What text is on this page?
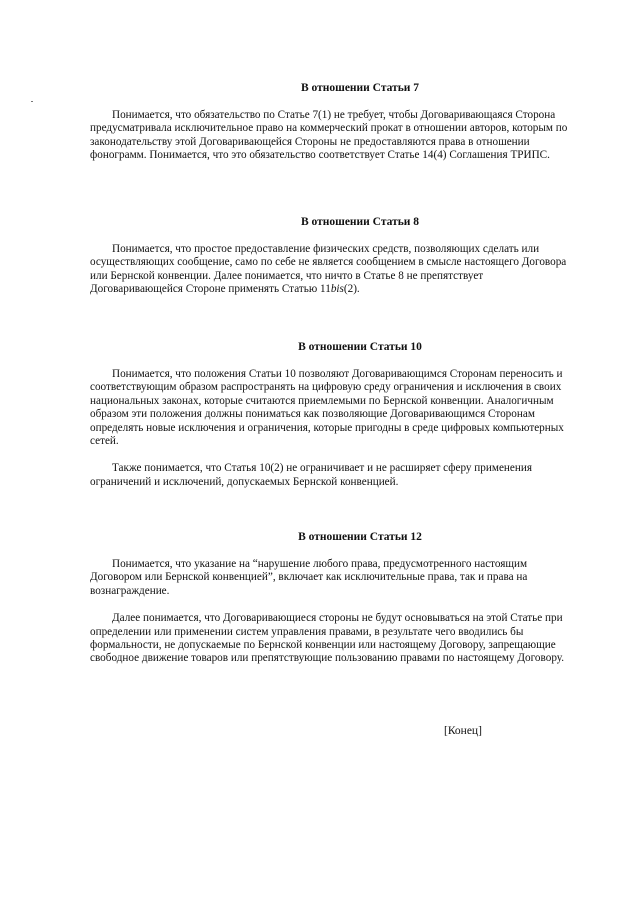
В отношении Статьи 7

Понимается, что обязательство по Статье 7(1) не требует, чтобы Договаривающаяся Сторона предусматривала исключительное право на коммерческий прокат в отношении авторов, которым по законодательству этой Договаривающейся Стороны не предоставляются права в отношении фонограмм. Понимается, что это обязательство соответствует Статье 14(4) Соглашения ТРИПС.

В отношении Статьи 8

Понимается, что простое предоставление физических средств, позволяющих сделать или осуществляющих сообщение, само по себе не является сообщением в смысле настоящего Договора или Бернской конвенции. Далее понимается, что ничто в Статье 8 не препятствует Договаривающейся Стороне применять Статью 11bis(2).

В отношении Статьи 10

Понимается, что положения Статьи 10 позволяют Договаривающимся Сторонам переносить и соответствующим образом распространять на цифровую среду ограничения и исключения в своих национальных законах, которые считаются приемлемыми по Бернской конвенции. Аналогичным образом эти положения должны пониматься как позволяющие Договаривающимся Сторонам определять новые исключения и ограничения, которые пригодны в среде цифровых компьютерных сетей.

Также понимается, что Статья 10(2) не ограничивает и не расширяет сферу применения ограничений и исключений, допускаемых Бернской конвенцией.

В отношении Статьи 12

Понимается, что указание на “нарушение любого права, предусмотренного настоящим Договором или Бернской конвенцией”, включает как исключительные права, так и права на вознаграждение.

Далее понимается, что Договаривающиеся стороны не будут основываться на этой Статье при определении или применении систем управления правами, в результате чего вводились бы формальности, не допускаемые по Бернской конвенции или настоящему Договору, запрещающие свободное движение товаров или препятствующие пользованию правами по настоящему Договору.

[Конец]
